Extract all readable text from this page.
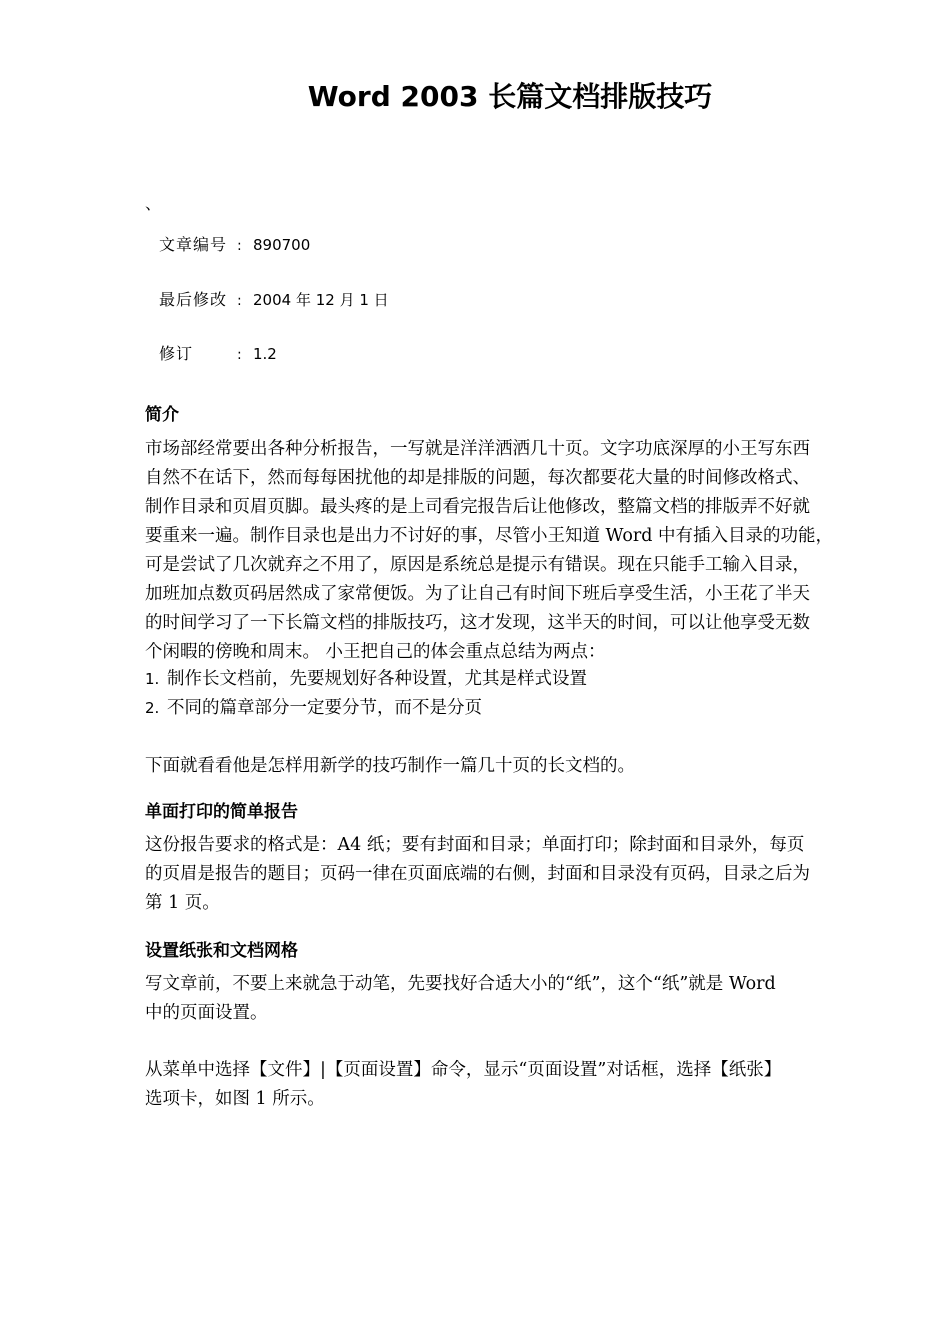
Word 2003 长篇文档排版技巧
、
文章编号 : 890700
最后修改 : 2004 年 12 月 1 日
修订	: 1.2
简介
市场部经常要出各种分析报告，一写就是洋洋洒洒几十页。文字功底深厚的小王写东西
自然不在话下，然而每每困扰他的却是排版的问题，每次都要花大量的时间修改格式、
制作目录和页眉页脚。最头疼的是上司看完报告后让他修改，整篇文档的排版弄不好就
要重来一遍。制作目录也是出力不讨好的事，尽管小王知道 Word 中有插入目录的功能，
可是尝试了几次就弃之不用了，原因是系统总是提示有错误。现在只能手工输入目录，
加班加点数页码居然成了家常便饭。为了让自己有时间下班后享受生活，小王花了半天
的时间学习了一下长篇文档的排版技巧，这才发现，这半天的时间，可以让他享受无数
个闲暇的傍晚和周末。 小王把自己的体会重点总结为两点：
1. 制作长文档前，先要规划好各种设置，尤其是样式设置
2. 不同的篇章部分一定要分节，而不是分页
下面就看看他是怎样用新学的技巧制作一篇几十页的长文档的。
单面打印的简单报告
这份报告要求的格式是：A4 纸；要有封面和目录；单面打印；除封面和目录外，每页
的页眉是报告的题目；页码一律在页面底端的右侧，封面和目录没有页码，目录之后为
第 1 页。
设置纸张和文档网格
写文章前，不要上来就急于动笔，先要找好合适大小的“纸”，这个“纸”就是 Word
中的页面设置。
从菜单中选择【文件】|【页面设置】命令，显示“页面设置”对话框，选择【纸张】
选项卡，如图 1 所示。
